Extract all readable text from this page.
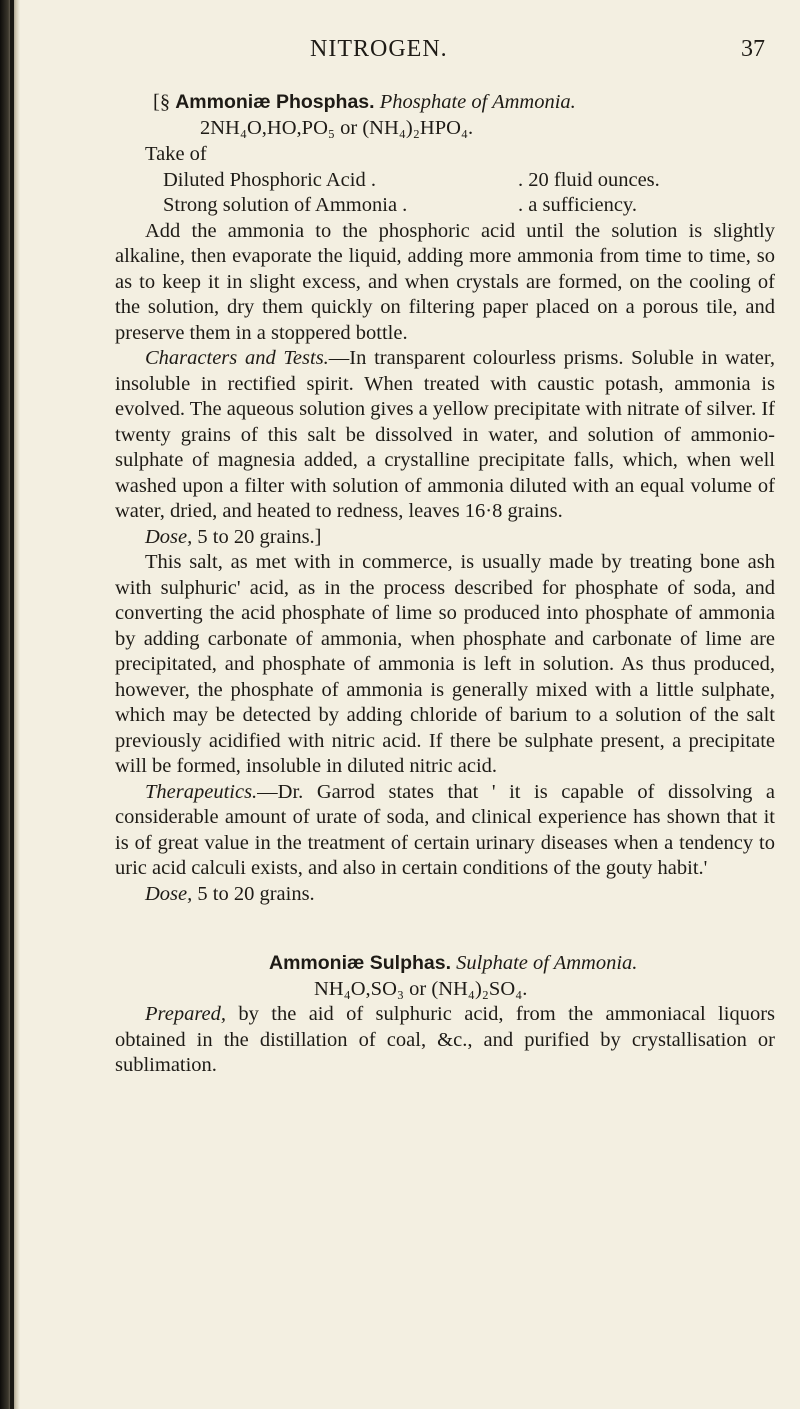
NITROGEN.	37
[§ Ammoniæ Phosphas. Phosphate of Ammonia.
2NH₄O,HO,PO₅ or (NH₄)₂HPO₄.
Take of
Diluted Phosphoric Acid .	. 20 fluid ounces.
Strong solution of Ammonia .	. a sufficiency.

Add the ammonia to the phosphoric acid until the solution is slightly alkaline, then evaporate the liquid, adding more ammonia from time to time, so as to keep it in slight excess, and when crystals are formed, on the cooling of the solution, dry them quickly on filtering paper placed on a porous tile, and preserve them in a stoppered bottle.

Characters and Tests.—In transparent colourless prisms. Soluble in water, insoluble in rectified spirit. When treated with caustic potash, ammonia is evolved. The aqueous solution gives a yellow precipitate with nitrate of silver. If twenty grains of this salt be dissolved in water, and solution of ammonio-sulphate of magnesia added, a crystalline precipitate falls, which, when well washed upon a filter with solution of ammonia diluted with an equal volume of water, dried, and heated to redness, leaves 16·8 grains.

Dose, 5 to 20 grains.]

This salt, as met with in commerce, is usually made by treating bone ash with sulphuric' acid, as in the process described for phosphate of soda, and converting the acid phosphate of lime so produced into phosphate of ammonia by adding carbonate of ammonia, when phosphate and carbonate of lime are precipitated, and phosphate of ammonia is left in solution. As thus produced, however, the phosphate of ammonia is generally mixed with a little sulphate, which may be detected by adding chloride of barium to a solution of the salt previously acidified with nitric acid. If there be sulphate present, a precipitate will be formed, insoluble in diluted nitric acid.

Therapeutics.—Dr. Garrod states that ' it is capable of dissolving a considerable amount of urate of soda, and clinical experience has shown that it is of great value in the treatment of certain urinary diseases when a tendency to uric acid calculi exists, and also in certain conditions of the gouty habit.'

Dose, 5 to 20 grains.
Ammoniæ Sulphas. Sulphate of Ammonia.
NH₄O,SO₃ or (NH₄)₂SO₄.

Prepared, by the aid of sulphuric acid, from the ammoniacal liquors obtained in the distillation of coal, &c., and purified by crystallisation or sublimation.
